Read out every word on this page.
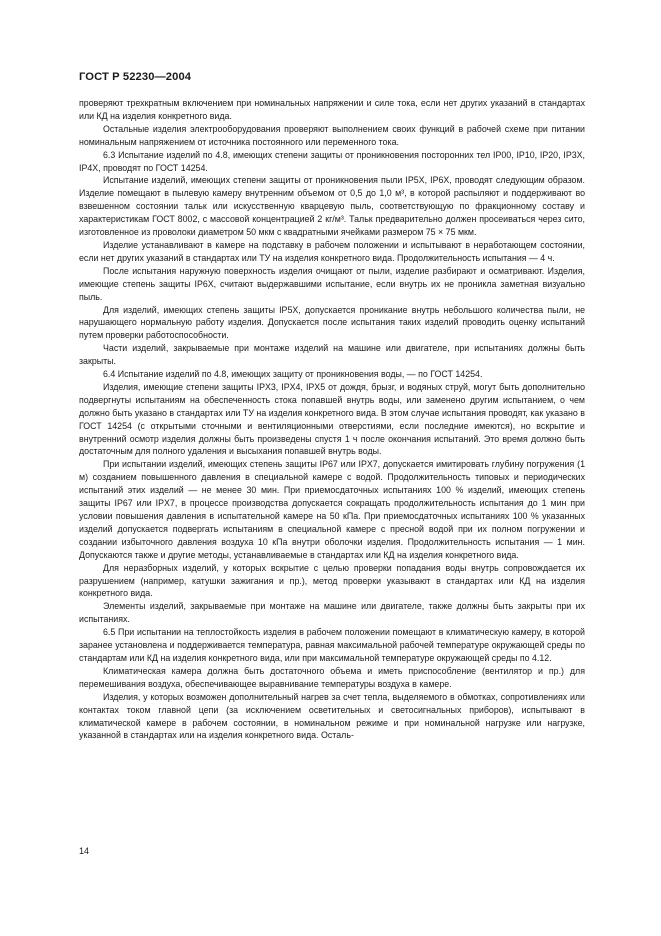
ГОСТ Р 52230—2004

проверяют трехкратным включением при номинальных напряжении и силе тока, если нет других указаний в стандартах или КД на изделия конкретного вида.

Остальные изделия электрооборудования проверяют выполнением своих функций в рабочей схеме при питании номинальным напряжением от источника постоянного или переменного тока.

6.3 Испытание изделий по 4.8, имеющих степени защиты от проникновения посторонних тел IP00, IP10, IP20, IP3X, IP4X, проводят по ГОСТ 14254.

Испытание изделий, имеющих степени защиты от проникновения пыли IP5X, IP6X, проводят следующим образом. Изделие помещают в пылевую камеру внутренним объемом от 0,5 до 1,0 м³, в которой распыляют и поддерживают во взвешенном состоянии тальк или искусственную кварцевую пыль, соответствующую по фракционному составу и характеристикам ГОСТ 8002, с массовой концентрацией 2 кг/м³. Тальк предварительно должен просеиваться через сито, изготовленное из проволоки диаметром 50 мкм с квадратными ячейками размером 75 × 75 мкм.

Изделие устанавливают в камере на подставку в рабочем положении и испытывают в неработающем состоянии, если нет других указаний в стандартах или ТУ на изделия конкретного вида. Продолжительность испытания — 4 ч.

После испытания наружную поверхность изделия очищают от пыли, изделие разбирают и осматривают. Изделия, имеющие степень защиты IP6X, считают выдержавшими испытание, если внутрь их не проникла заметная визуально пыль.

Для изделий, имеющих степень защиты IP5X, допускается проникание внутрь небольшого количества пыли, не нарушающего нормальную работу изделия. Допускается после испытания таких изделий проводить оценку испытаний путем проверки работоспособности.

Части изделий, закрываемые при монтаже изделий на машине или двигателе, при испытаниях должны быть закрыты.

6.4 Испытание изделий по 4.8, имеющих защиту от проникновения воды, — по ГОСТ 14254.

Изделия, имеющие степени защиты IPX3, IPX4, IPX5 от дождя, брызг, и водяных струй, могут быть дополнительно подвергнуты испытаниям на обеспеченность стока попавшей внутрь воды, или заменено другим испытанием, о чем должно быть указано в стандартах или ТУ на изделия конкретного вида. В этом случае испытания проводят, как указано в ГОСТ 14254 (с открытыми сточными и вентиляционными отверстиями, если последние имеются), но вскрытие и внутренний осмотр изделия должны быть произведены спустя 1 ч после окончания испытаний. Это время должно быть достаточным для полного удаления и высыхания попавшей внутрь воды.

При испытании изделий, имеющих степень защиты IP67 или IPX7, допускается имитировать глубину погружения (1 м) созданием повышенного давления в специальной камере с водой. Продолжительность типовых и периодических испытаний этих изделий — не менее 30 мин. При приемосдаточных испытаниях 100 % изделий, имеющих степень защиты IP67 или IPX7, в процессе производства допускается сокращать продолжительность испытания до 1 мин при условии повышения давления в испытательной камере на 50 кПа. При приемосдаточных испытаниях 100 % указанных изделий допускается подвергать испытаниям в специальной камере с пресной водой при их полном погружении и создании избыточного давления воздуха 10 кПа внутри оболочки изделия. Продолжительность испытания — 1 мин. Допускаются также и другие методы, устанавливаемые в стандартах или КД на изделия конкретного вида.

Для неразборных изделий, у которых вскрытие с целью проверки попадания воды внутрь сопровождается их разрушением (например, катушки зажигания и пр.), метод проверки указывают в стандартах или КД на изделия конкретного вида.

Элементы изделий, закрываемые при монтаже на машине или двигателе, также должны быть закрыты при их испытаниях.

6.5 При испытании на теплостойкость изделия в рабочем положении помещают в климатическую камеру, в которой заранее установлена и поддерживается температура, равная максимальной рабочей температуре окружающей среды по стандартам или КД на изделия конкретного вида, или при максимальной температуре окружающей среды по 4.12.

Климатическая камера должна быть достаточного объема и иметь приспособление (вентилятор и пр.) для перемешивания воздуха, обеспечивающее выравнивание температуры воздуха в камере.

Изделия, у которых возможен дополнительный нагрев за счет тепла, выделяемого в обмотках, сопротивлениях или контактах током главной цепи (за исключением осветительных и светосигнальных приборов), испытывают в климатической камере в рабочем состоянии, в номинальном режиме и при номинальной нагрузке или нагрузке, указанной в стандартах или на изделия конкретного вида. Осталь-

14
